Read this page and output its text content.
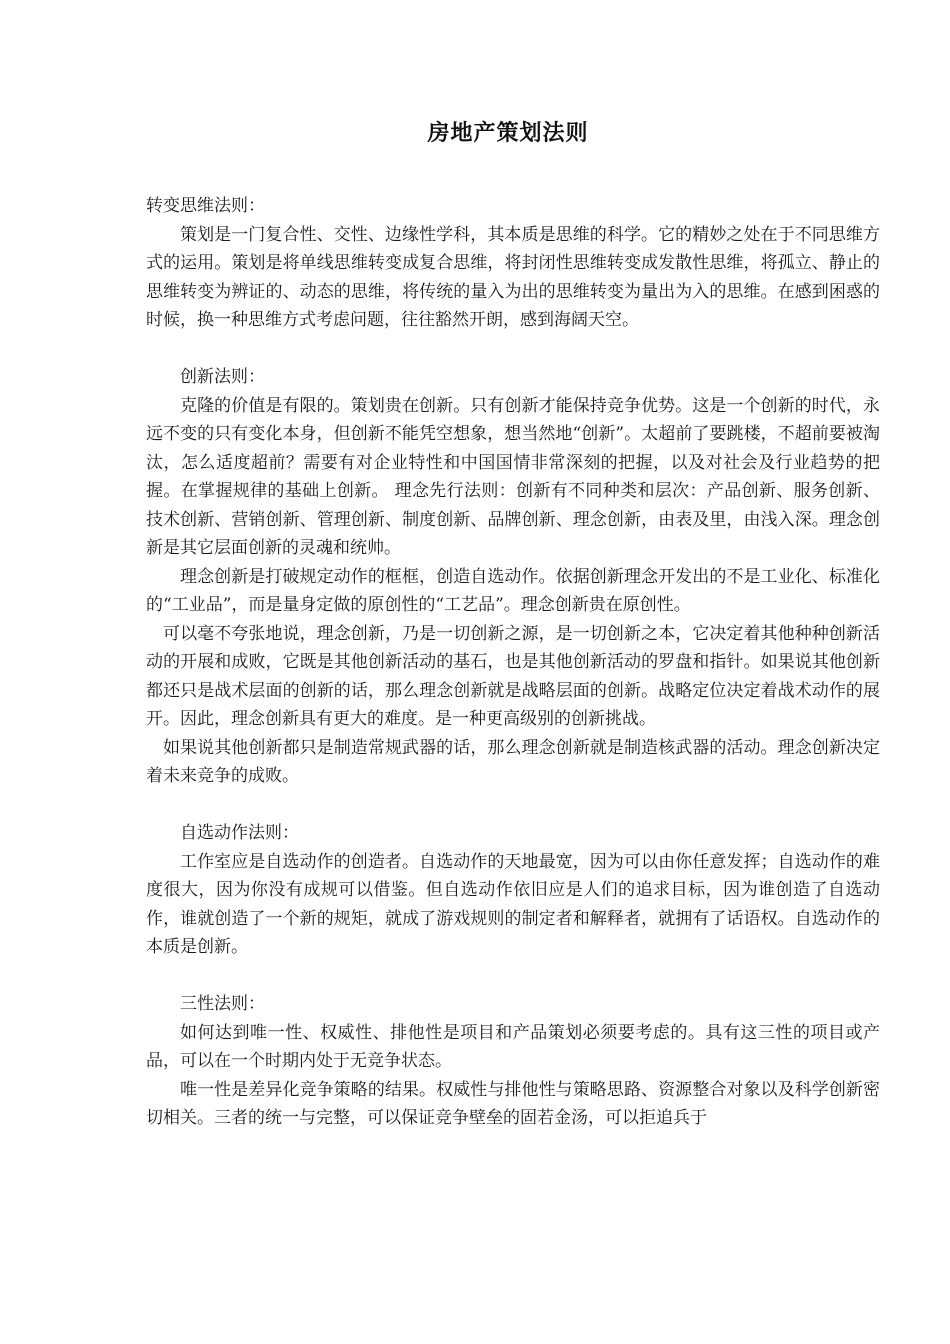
房地产策划法则

转变思维法则：

策划是一门复合性、交性、边缘性学科，其本质是思维的科学。它的精妙之处在于不同思维方式的运用。策划是将单线思维转变成复合思维，将封闭性思维转变成发散性思维，将孤立、静止的思维转变为辨证的、动态的思维，将传统的量入为出的思维转变为量出为入的思维。在感到困惑的时候，换一种思维方式考虑问题，往往豁然开朗，感到海阔天空。

创新法则：

克隆的价值是有限的。策划贵在创新。只有创新才能保持竞争优势。这是一个创新的时代，永远不变的只有变化本身，但创新不能凭空想象，想当然地“创新”。太超前了要跳楼，不超前要被淘汰，怎么适度超前？需要有对企业特性和中国国情非常深刻的把握，以及对社会及行业趋势的把握。在掌握规律的基础上创新。 理念先行法则：创新有不同种类和层次：产品创新、服务创新、技术创新、营销创新、管理创新、制度创新、品牌创新、理念创新，由表及里，由浅入深。理念创新是其它层面创新的灵魂和统帅。

理念创新是打破规定动作的框框，创造自选动作。依据创新理念开发出的不是工业化、标准化的“工业品”，而是量身定做的原创性的“工艺品”。理念创新贵在原创性。

可以毫不夸张地说，理念创新，乃是一切创新之源，是一切创新之本，它决定着其他种种创新活动的开展和成败，它既是其他创新活动的基石，也是其他创新活动的罗盘和指针。如果说其他创新都还只是战术层面的创新的话，那么理念创新就是战略层面的创新。战略定位决定着战术动作的展开。因此，理念创新具有更大的难度。是一种更高级别的创新挑战。

如果说其他创新都只是制造常规武器的话，那么理念创新就是制造核武器的活动。理念创新决定着未来竞争的成败。

自选动作法则：

工作室应是自选动作的创造者。自选动作的天地最宽，因为可以由你任意发挥；自选动作的难度很大，因为你没有成规可以借鉴。但自选动作依旧应是人们的追求目标，因为谁创造了自选动作，谁就创造了一个新的规矩，就成了游戏规则的制定者和解释者，就拥有了话语权。自选动作的本质是创新。

三性法则：

如何达到唯一性、权威性、排他性是项目和产品策划必须要考虑的。具有这三性的项目或产品，可以在一个时期内处于无竞争状态。

唯一性是差异化竞争策略的结果。权威性与排他性与策略思路、资源整合对象以及科学创新密切相关。三者的统一与完整，可以保证竞争壁垒的固若金汤，可以拒追兵于
